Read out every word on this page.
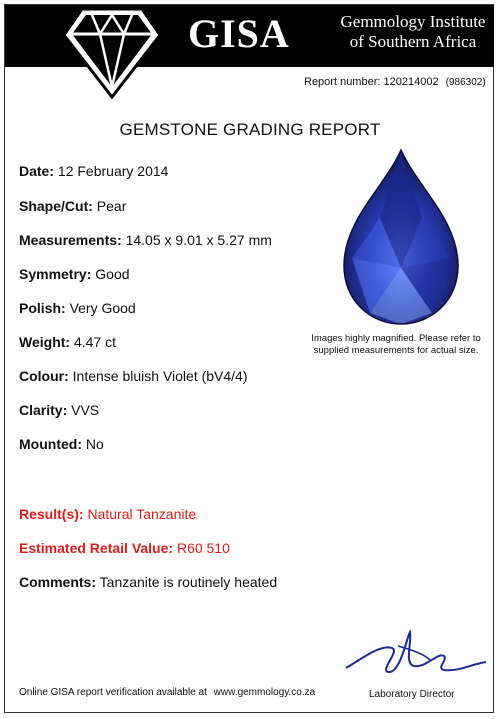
GISA	Gemmology Institute
of Southern Africa
Report number: 120214002 (986302)
GEMSTONE GRADING REPORT
Date: 12 February 2014
Shape/Cut: Pear
Measurements: 14.05 x 9.01 x 5.27 mm
Symmetry: Good
Polish: Very Good
Weight: 4.47 ct
Colour: Intense bluish Violet (bV4/4)
Clarity: VVS
Mounted: No
Result(s): Natural Tanzanite
Estimated Retail Value: R60 510
Comments: Tanzanite is routinely heated
Images highly magnified. Please refer to
supplied measurements for actual size.
Online GISA report verification available at www.gemmology.co.za	Laboratory Director
